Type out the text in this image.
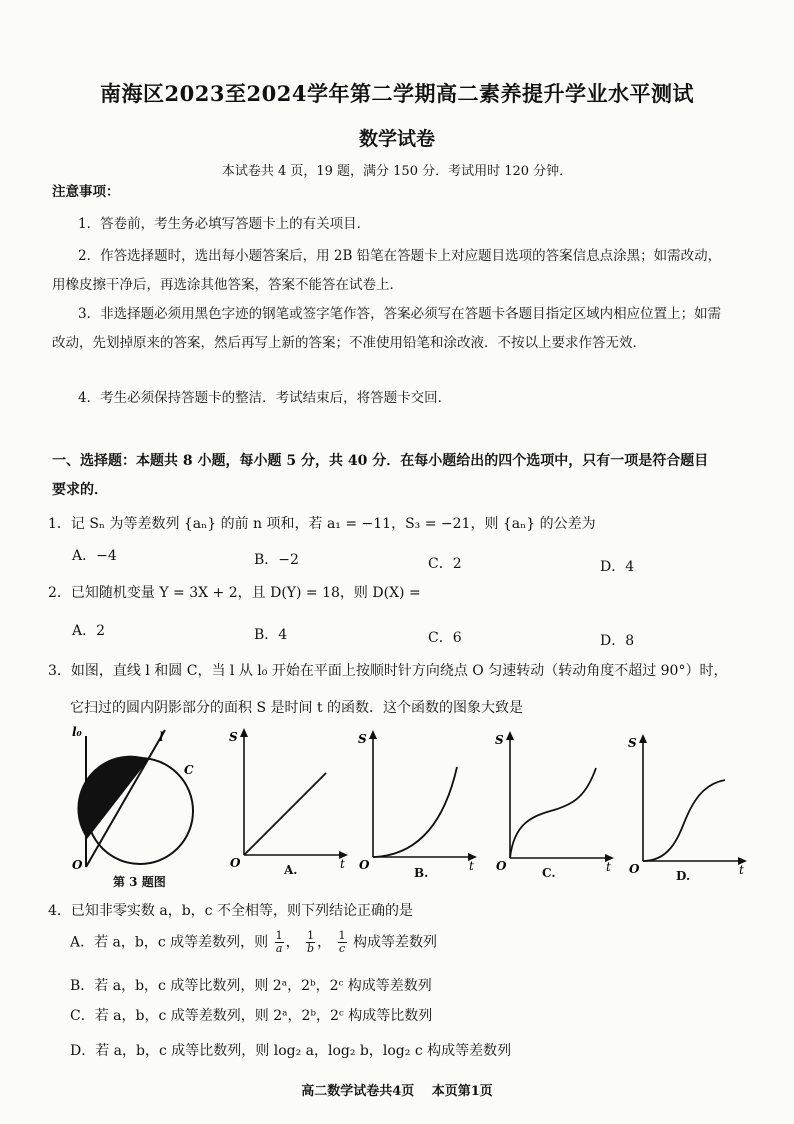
南海区2023至2024学年第二学期高二素养提升学业水平测试
数学试卷
本试卷共 4 页，19 题，满分 150 分．考试用时 120 分钟．
注意事项：
1．答卷前，考生务必填写答题卡上的有关项目．
2．作答选择题时，选出每小题答案后，用 2B 铅笔在答题卡上对应题目选项的答案信息点涂黑；如需改动，用橡皮擦干净后，再选涂其他答案，答案不能答在试卷上．
3．非选择题必须用黑色字迹的钢笔或签字笔作答，答案必须写在答题卡各题目指定区域内相应位置上；如需改动，先划掉原来的答案，然后再写上新的答案；不准使用铅笔和涂改液．不按以上要求作答无效．
4．考生必须保持答题卡的整洁．考试结束后，将答题卡交回．
一、选择题：本题共 8 小题，每小题 5 分，共 40 分．在每小题给出的四个选项中，只有一项是符合题目要求的．
1．记 Sₙ 为等差数列 {aₙ} 的前 n 项和，若 a₁ = −11，S₃ = −21，则 {aₙ} 的公差为
A．−4	B．−2	C．2	D．4
2．已知随机变量 Y = 3X + 2，且 D(Y) = 18，则 D(X) =
A．2	B．4	C．6	D．8
3．如图，直线 l 和圆 C，当 l 从 l₀ 开始在平面上按顺时针方向绕点 O 匀速转动（转动角度不超过 90°）时，
它扫过的圆内阴影部分的面积 S 是时间 t 的函数．这个函数的图象大致是
l₀	l
C
O
第 3 题图
S
t
O	A.
S
t
O
B.
S
t
O	C.
S
t
O	D.
4．已知非零实数 a，b，c 不全相等，则下列结论正确的是
A．若 a，b，c 成等差数列，则 $\frac{1}{a}$ ， $\frac{1}{b}$ ， $\frac{1}{c}$ 构成等差数列
B．若 a，b，c 成等比数列，则 2ᵃ，2ᵇ，2ᶜ 构成等差数列
C．若 a，b，c 成等差数列，则 2ᵃ，2ᵇ，2ᶜ 构成等比数列
D．若 a，b，c 成等比数列，则 log₂ a，log₂ b，log₂ c 构成等差数列
高二数学试卷共4页　 本页第1页
